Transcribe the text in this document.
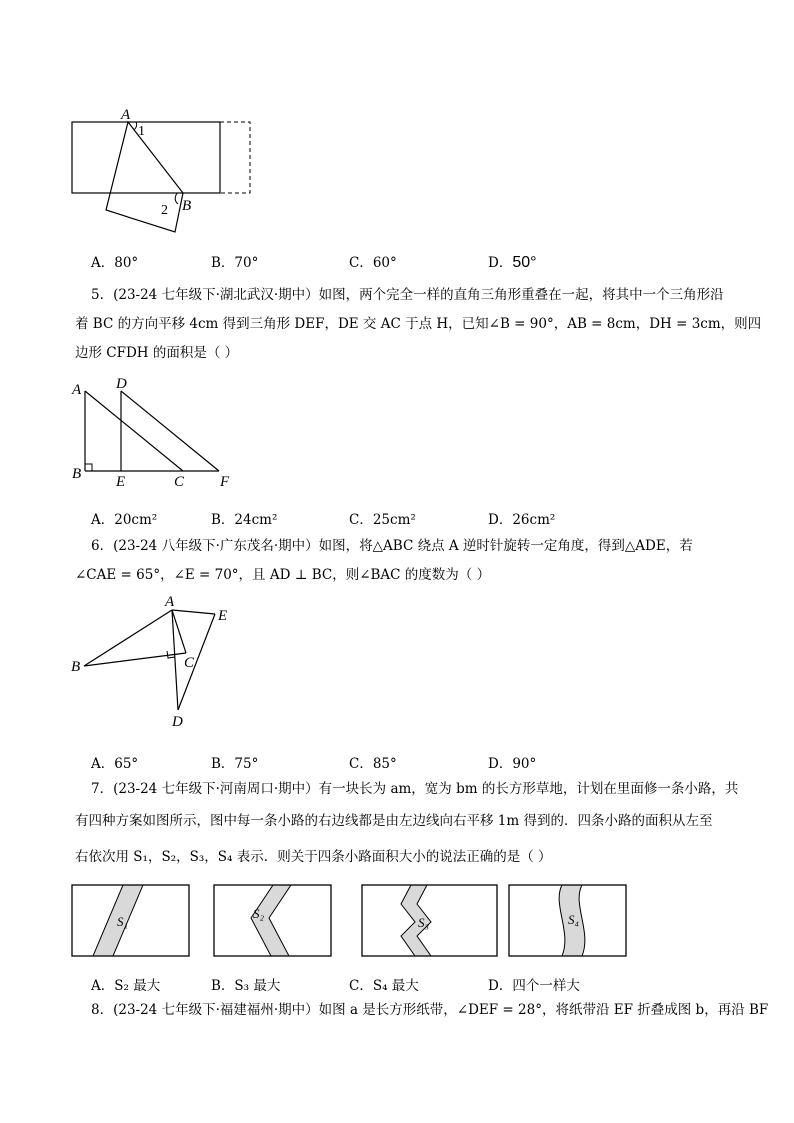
A
1
2 B
A．80°	B．70°	C．60°	D．50°
5．(23-24 七年级下·湖北武汉·期中）如图，两个完全一样的直角三角形重叠在一起，将其中一个三角形沿
着 BC 的方向平移 4cm 得到三角形 DEF，DE 交 AC 于点 H，已知∠B = 90°，AB = 8cm，DH = 3cm，则四
边形 CFDH 的面积是（ ）
A D
B E	C F
A．20cm²	B．24cm²	C．25cm²	D．26cm²
6．(23-24 八年级下·广东茂名·期中）如图，将△ABC 绕点 A 逆时针旋转一定角度，得到△ADE，若
∠CAE = 65°，∠E = 70°，且 AD ⊥ BC，则∠BAC 的度数为（ ）
A
E
B	C
D
A．65°	B．75°	C．85°	D．90°
7．(23-24 七年级下·河南周口·期中）有一块长为 am，宽为 bm 的长方形草地，计划在里面修一条小路，共
有四种方案如图所示，图中每一条小路的右边线都是由左边线向右平移 1m 得到的．四条小路的面积从左至
右依次用 S₁，S₂，S₃，S₄ 表示．则关于四条小路面积大小的说法正确的是（ ）
S₁
S₂
S₃	S₄
A．S₂ 最大	B．S₃ 最大	C．S₄ 最大	D．四个一样大
8．(23-24 七年级下·福建福州·期中）如图 a 是长方形纸带，∠DEF = 28°，将纸带沿 EF 折叠成图 b，再沿 BF
